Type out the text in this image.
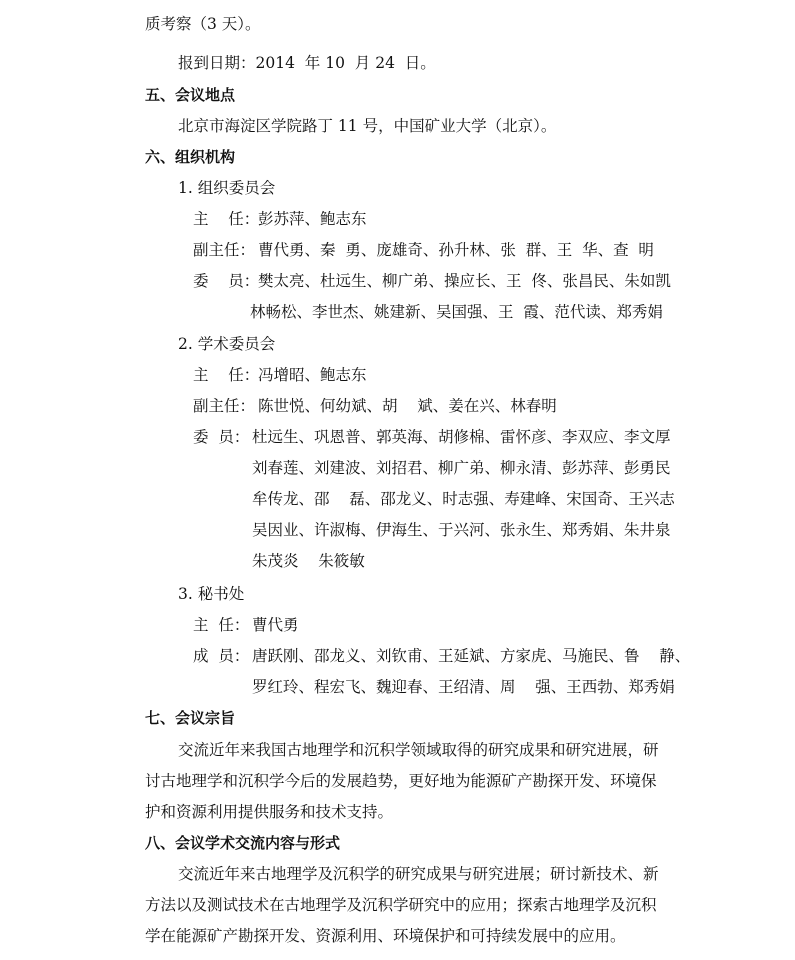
质考察（3 天）。
报到日期：2014  年 10  月 24  日。
五、会议地点
北京市海淀区学院路丁 11 号，中国矿业大学（北京）。
六、组织机构
1. 组织委员会
主    任：
彭苏萍、鲍志东
副主任： 曹代勇、秦  勇、庞雄奇、孙升林、张  群、王  华、查  明
委    员：
樊太亮、杜远生、柳广弟、操应长、王  佟、张昌民、朱如凯
林畅松、李世杰、姚建新、吴国强、王  霞、范代读、郑秀娟
2. 学术委员会
主    任：
冯增昭、鲍志东
副主任： 陈世悦、何幼斌、胡    斌、姜在兴、林春明
委  员： 杜远生、巩恩普、郭英海、胡修棉、雷怀彦、李双应、李文厚
刘春莲、刘建波、刘招君、柳广弟、柳永清、彭苏萍、彭勇民
牟传龙、邵    磊、邵龙义、时志强、寿建峰、宋国奇、王兴志
吴因业、许淑梅、伊海生、于兴河、张永生、郑秀娟、朱井泉
朱茂炎    朱筱敏
3. 秘书处
主  任： 曹代勇
成  员： 唐跃刚、邵龙义、刘钦甫、王延斌、方家虎、马施民、鲁    静、
罗红玲、程宏飞、魏迎春、王绍清、周    强、王西勃、郑秀娟
七、会议宗旨
交流近年来我国古地理学和沉积学领域取得的研究成果和研究进展，研
讨古地理学和沉积学今后的发展趋势，更好地为能源矿产勘探开发、环境保
护和资源利用提供服务和技术支持。
八、会议学术交流内容与形式
交流近年来古地理学及沉积学的研究成果与研究进展；研讨新技术、新
方法以及测试技术在古地理学及沉积学研究中的应用；探索古地理学及沉积
学在能源矿产勘探开发、资源利用、环境保护和可持续发展中的应用。
